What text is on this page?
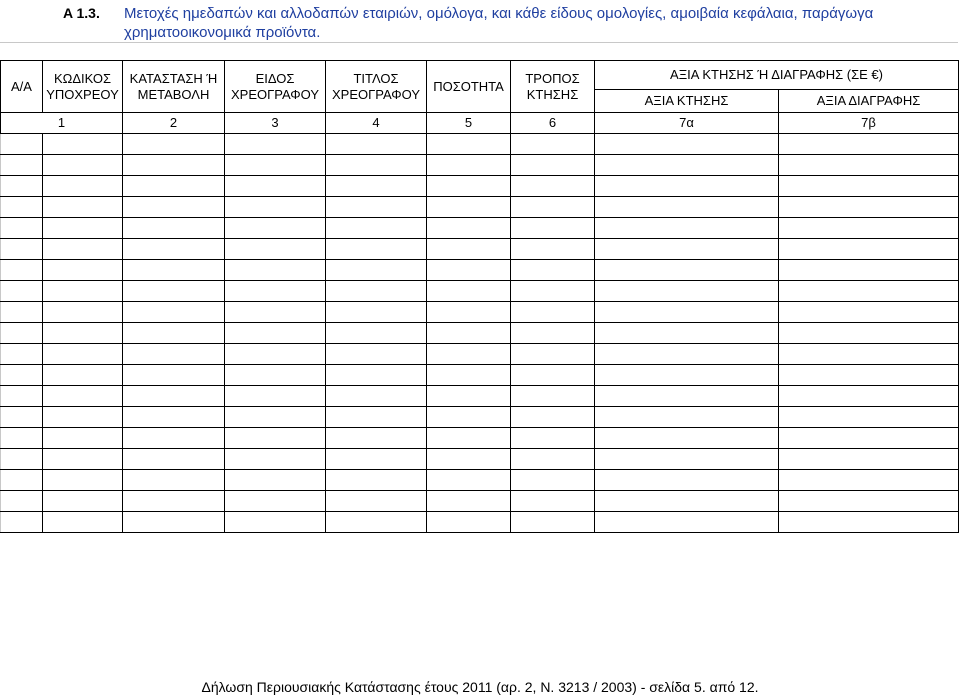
A 1.3. Μετοχές ημεδαπών και αλλοδαπών εταιριών, ομόλογα, και κάθε είδους ομολογίες, αμοιβαία κεφάλαια, παράγωγα χρηματοοικονομικά προϊόντα.
Α/Α	ΚΩΔΙΚΟΣ ΥΠΟΧΡΕΟΥ	ΚΑΤΑΣΤΑΣΗ Ή ΜΕΤΑΒΟΛΗ	ΕΙΔΟΣ ΧΡΕΟΓΡΑΦΟΥ	ΤΙΤΛΟΣ ΧΡΕΟΓΡΑΦΟΥ	ΠΟΣΟΤΗΤΑ	ΤΡΟΠΟΣ ΚΤΗΣΗΣ	ΑΞΙΑ ΚΤΗΣΗΣ Ή ΔΙΑΓΡΑΦΗΣ (ΣΕ €)	
							ΑΞΙΑ ΚΤΗΣΗΣ	ΑΞΙΑ ΔΙΑΓΡΑΦΗΣ
1		2	3	4	5	6	7α	7β

Δήλωση Περιουσιακής Κατάστασης έτους 2011 (αρ. 2, Ν. 3213 / 2003) - σελίδα 5. από 12.
